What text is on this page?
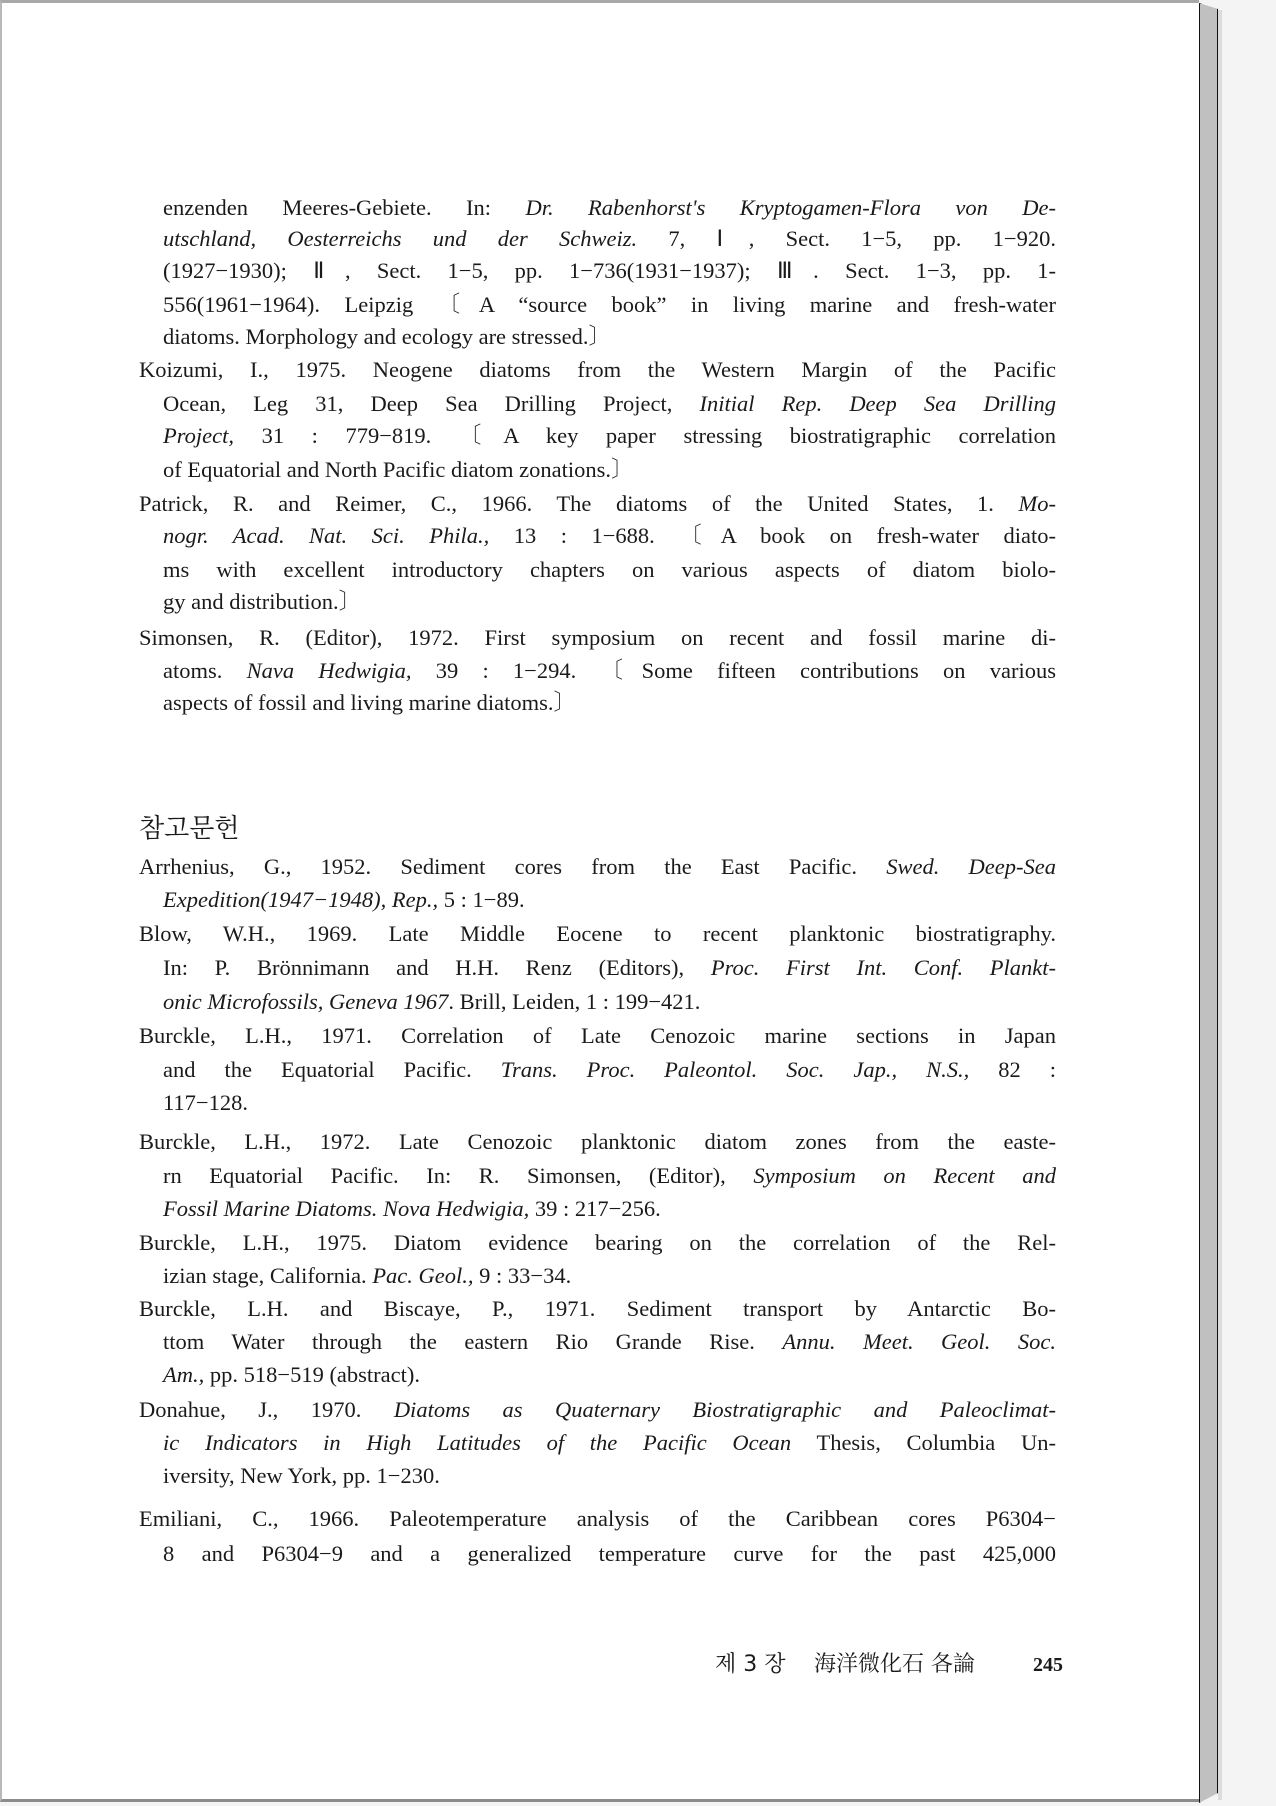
참고문헌
제 3 장 海洋微化石 各論	245
enzenden Meeres-Gebiete. In: Dr. Rabenhorst's Kryptogamen-Flora von De-
utschland, Oesterreichs und der Schweiz. 7, Ⅰ, Sect. 1−5, pp. 1−920.
(1927−1930); Ⅱ, Sect. 1−5, pp. 1−736(1931−1937); Ⅲ. Sect. 1−3, pp. 1-
556(1961−1964). Leipzig 〔A “source book” in living marine and fresh-water
diatoms. Morphology and ecology are stressed.〕
Koizumi, I., 1975. Neogene diatoms from the Western Margin of the Pacific
Ocean, Leg 31, Deep Sea Drilling Project, Initial Rep. Deep Sea Drilling
Project, 31 : 779−819. 〔A key paper stressing biostratigraphic correlation
of Equatorial and North Pacific diatom zonations.〕
Patrick, R. and Reimer, C., 1966. The diatoms of the United States, 1. Mo-
nogr. Acad. Nat. Sci. Phila., 13 : 1−688. 〔A book on fresh-water diato-
ms with excellent introductory chapters on various aspects of diatom biolo-
gy and distribution.〕
Simonsen, R. (Editor), 1972. First symposium on recent and fossil marine di-
atoms. Nava Hedwigia, 39 : 1−294. 〔Some fifteen contributions on various
aspects of fossil and living marine diatoms.〕
Arrhenius, G., 1952. Sediment cores from the East Pacific. Swed. Deep-Sea
Expedition(1947−1948), Rep., 5 : 1−89.
Blow, W.H., 1969. Late Middle Eocene to recent planktonic biostratigraphy.
In: P. Brönnimann and H.H. Renz (Editors), Proc. First Int. Conf. Plankt-
onic Microfossils, Geneva 1967. Brill, Leiden, 1 : 199−421.
Burckle, L.H., 1971. Correlation of Late Cenozoic marine sections in Japan
and the Equatorial Pacific. Trans. Proc. Paleontol. Soc. Jap., N.S., 82 :
117−128.
Burckle, L.H., 1972. Late Cenozoic planktonic diatom zones from the easte-
rn Equatorial Pacific. In: R. Simonsen, (Editor), Symposium on Recent and
Fossil Marine Diatoms. Nova Hedwigia, 39 : 217−256.
Burckle, L.H., 1975. Diatom evidence bearing on the correlation of the Rel-
izian stage, California. Pac. Geol., 9 : 33−34.
Burckle, L.H. and Biscaye, P., 1971. Sediment transport by Antarctic Bo-
ttom Water through the eastern Rio Grande Rise. Annu. Meet. Geol. Soc.
Am., pp. 518−519 (abstract).
Donahue, J., 1970. Diatoms as Quaternary Biostratigraphic and Paleoclimat-
ic Indicators in High Latitudes of the Pacific Ocean Thesis, Columbia Un-
iversity, New York, pp. 1−230.
Emiliani, C., 1966. Paleotemperature analysis of the Caribbean cores P6304−
8 and P6304−9 and a generalized temperature curve for the past 425,000
